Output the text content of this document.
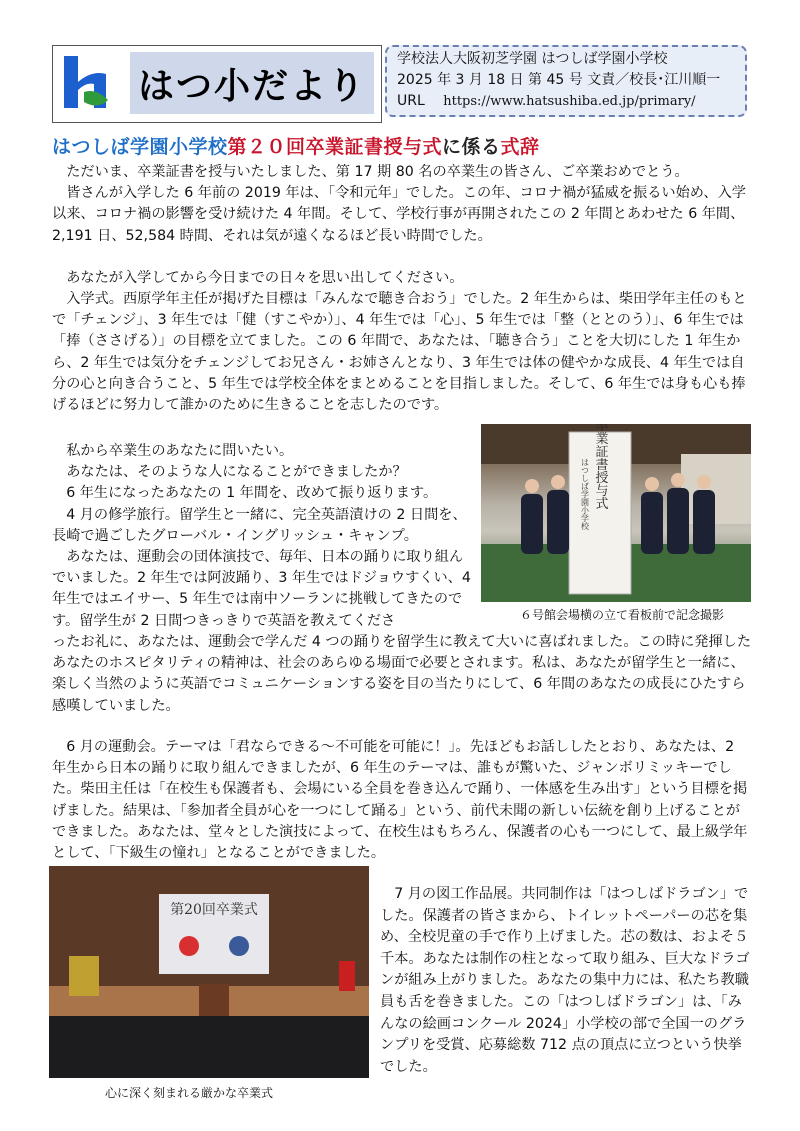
はつ小だより
学校法人大阪初芝学園 はつしば学園小学校
2025 年 3 月 18 日 第 45 号 文責／校長･江川順一
URL https://www.hatsushiba.ed.jp/primary/
はつしば学園小学校第２０回卒業証書授与式に係る式辞

ただいま、卒業証書を授与いたしました、第 17 期 80 名の卒業生の皆さん、ご卒業おめでとう。

皆さんが入学した 6 年前の 2019 年は、「令和元年」でした。この年、コロナ禍が猛威を振るい始め、入学以来、コロナ禍の影響を受け続けた 4 年間。そして、学校行事が再開されたこの 2 年間とあわせた 6 年間、2,191 日、52,584 時間、それは気が遠くなるほど長い時間でした。

あなたが入学してから今日までの日々を思い出してください。

入学式。西原学年主任が掲げた目標は「みんなで聴き合おう」でした。2 年生からは、柴田学年主任のもとで「チェンジ」、3 年生では「健（すこやか）」、4 年生では「心」、5 年生では「整（ととのう）」、6 年生では「捧（ささげる）」の目標を立てました。この 6 年間で、あなたは、「聴き合う」ことを大切にした 1 年生から、2 年生では気分をチェンジしてお兄さん・お姉さんとなり、3 年生では体の健やかな成長、4 年生では自分の心と向き合うこと、5 年生では学校全体をまとめることを目指しました。そして、6 年生では身も心も捧げるほどに努力して誰かのために生きることを志したのです。

私から卒業生のあなたに問いたい。

あなたは、そのような人になることができましたか？

6 年生になったあなたの 1 年間を、改めて振り返ります。

4 月の修学旅行。留学生と一緒に、完全英語漬けの 2 日間を、長崎で過ごしたグローバル・イングリッシュ・キャンプ。

あなたは、運動会の団体演技で、毎年、日本の踊りに取り組んでいました。2 年生では阿波踊り、3 年生ではドジョウすくい、4 年生ではエイサー、5 年生では南中ソーランに挑戦してきたのです。留学生が 2 日間つきっきりで英語を教えてくださ

卒業証書授与式
はつしば学園小学校
６号館会場横の立て看板前で記念撮影

ったお礼に、あなたは、運動会で学んだ 4 つの踊りを留学生に教えて大いに喜ばれました。この時に発揮したあなたのホスピタリティの精神は、社会のあらゆる場面で必要とされます。私は、あなたが留学生と一緒に、楽しく当然のように英語でコミュニケーションする姿を目の当たりにして、6 年間のあなたの成長にひたすら感嘆していました。

6 月の運動会。テーマは「君ならできる～不可能を可能に！」。先ほどもお話ししたとおり、あなたは、2 年生から日本の踊りに取り組んできましたが、6 年生のテーマは、誰もが驚いた、ジャンボリミッキーでした。柴田主任は「在校生も保護者も、会場にいる全員を巻き込んで踊り、一体感を生み出す」という目標を掲げました。結果は、「参加者全員が心を一つにして踊る」という、前代未聞の新しい伝統を創り上げることができました。あなたは、堂々とした演技によって、在校生はもちろん、保護者の心も一つにして、最上級学年として、「下級生の憧れ」となることができました。

第20回卒業式
心に深く刻まれる厳かな卒業式

7 月の図工作品展。共同制作は「はつしばドラゴン」でした。保護者の皆さまから、トイレットペーパーの芯を集め、全校児童の手で作り上げました。芯の数は、およそ５千本。あなたは制作の柱となって取り組み、巨大なドラゴンが組み上がりました。あなたの集中力には、私たち教職員も舌を巻きました。この「はつしばドラゴン」は、「みんなの絵画コンクール 2024」小学校の部で全国一のグランプリを受賞、応募総数 712 点の頂点に立つという快挙でした。
